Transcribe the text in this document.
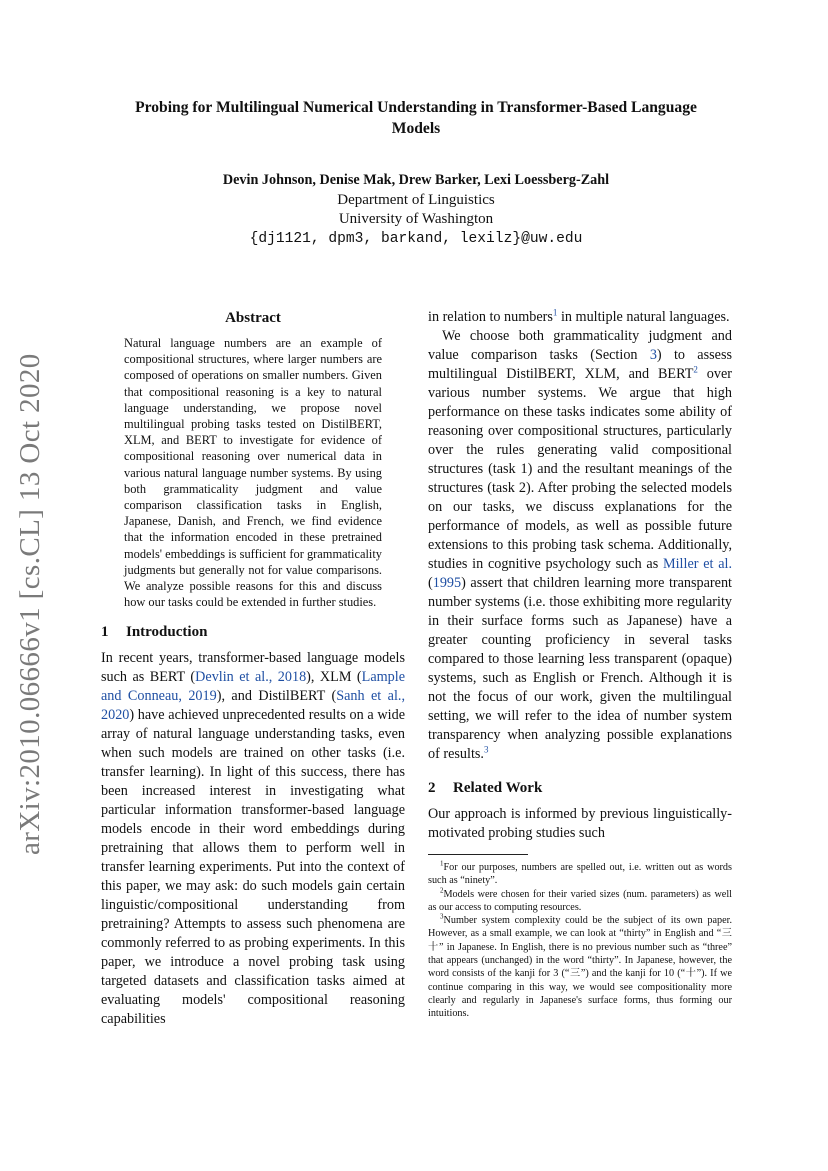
arXiv:2010.06666v1 [cs.CL] 13 Oct 2020
Probing for Multilingual Numerical Understanding in Transformer-Based Language
Models
Devin Johnson, Denise Mak, Drew Barker, Lexi Loessberg-Zahl
Department of Linguistics
University of Washington
{dj1121, dpm3, barkand, lexilz}@uw.edu
Abstract
Natural language numbers are an example of compositional structures, where larger numbers are composed of operations on smaller numbers. Given that compositional reasoning is a key to natural language understanding, we propose novel multilingual probing tasks tested on DistilBERT, XLM, and BERT to investigate for evidence of compositional reasoning over numerical data in various natural language number systems. By using both grammaticality judgment and value comparison classification tasks in English, Japanese, Danish, and French, we find evidence that the information encoded in these pretrained models' embeddings is sufficient for grammaticality judgments but generally not for value comparisons. We analyze possible reasons for this and discuss how our tasks could be extended in further studies.
1 Introduction

In recent years, transformer-based language models such as BERT (Devlin et al., 2018), XLM (Lample and Conneau, 2019), and DistilBERT (Sanh et al., 2020) have achieved unprecedented results on a wide array of natural language understanding tasks, even when such models are trained on other tasks (i.e. transfer learning). In light of this success, there has been increased interest in investigating what particular information transformer-based language models encode in their word embeddings during pretraining that allows them to perform well in transfer learning experiments. Put into the context of this paper, we may ask: do such models gain certain linguistic/compositional understanding from pretraining? Attempts to assess such phenomena are commonly referred to as probing experiments. In this paper, we introduce a novel probing task using targeted datasets and classification tasks aimed at evaluating models' compositional reasoning capabilities

in relation to numbers$^1$ in multiple natural languages.

We choose both grammaticality judgment and value comparison tasks (Section 3) to assess multilingual DistilBERT, XLM, and BERT$^2$ over various number systems. We argue that high performance on these tasks indicates some ability of reasoning over compositional structures, particularly over the rules generating valid compositional structures (task 1) and the resultant meanings of the structures (task 2). After probing the selected models on our tasks, we discuss explanations for the performance of models, as well as possible future extensions to this probing task schema. Additionally, studies in cognitive psychology such as Miller et al. (1995) assert that children learning more transparent number systems (i.e. those exhibiting more regularity in their surface forms such as Japanese) have a greater counting proficiency in several tasks compared to those learning less transparent (opaque) systems, such as English or French. Although it is not the focus of our work, given the multilingual setting, we will refer to the idea of number system transparency when analyzing possible explanations of results.$^3$

2 Related Work

Our approach is informed by previous linguistically-motivated probing studies such

$^1$For our purposes, numbers are spelled out, i.e. written out as words such as “ninety”.

$^2$Models were chosen for their varied sizes (num. parameters) as well as our access to computing resources.

$^3$Number system complexity could be the subject of its own paper. However, as a small example, we can look at “thirty” in English and “三十” in Japanese. In English, there is no previous number such as “three” that appears (unchanged) in the word “thirty”. In Japanese, however, the word consists of the kanji for 3 (“三”) and the kanji for 10 (“十”). If we continue comparing in this way, we would see compositionality more clearly and regularly in Japanese's surface forms, thus forming our intuitions.
